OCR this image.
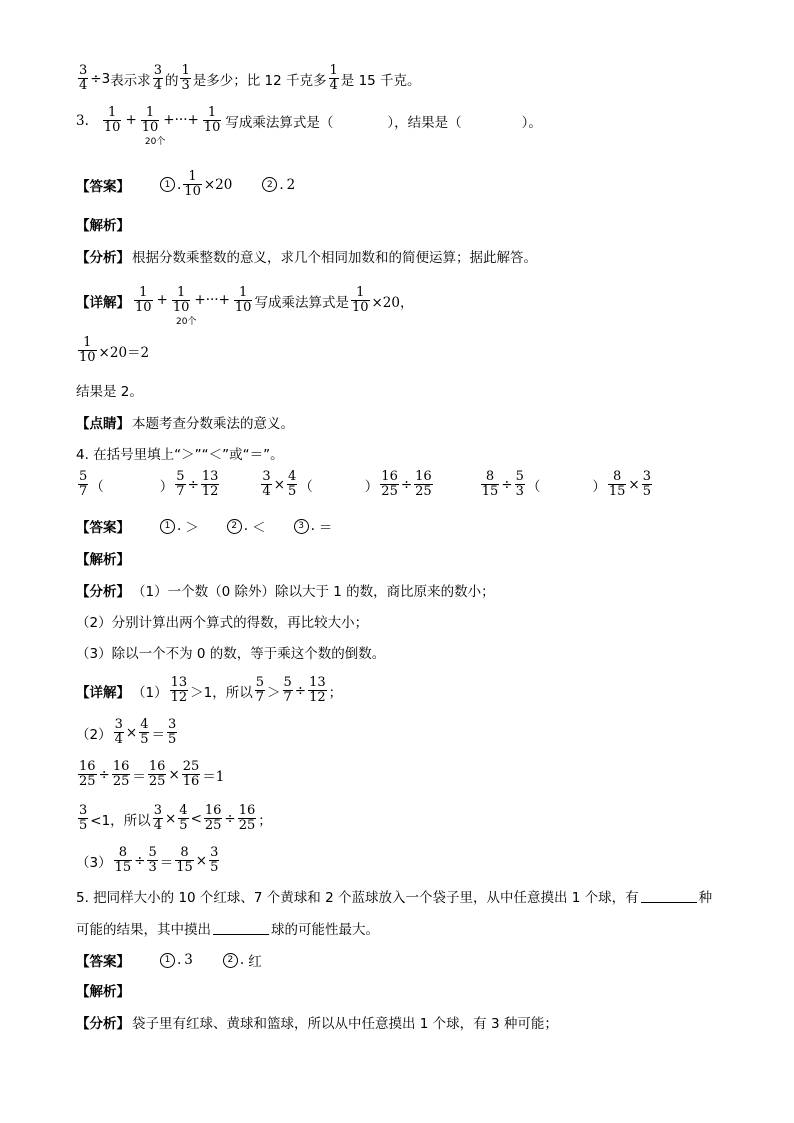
$\frac{3}{4} \div 3$ 表示求 $\frac{3}{4}$ 的 $\frac{1}{3}$ 是多少；比 12 千克多 $\frac{1}{4}$ 是 15 千克。
3. $\frac{1}{10} + \frac{1}{10}$ +···+ $\frac{1}{10}$
20个
写成乘法算式是（	），结果是（	）。
【答案】	1 . $\frac{1}{10} \times 20$	2 . 2
【解析】
【分析】 根据分数乘整数的意义，求几个相同加数和的简便运算；据此解答。
【详解】 $\frac{1}{10} + \frac{1}{10}$ +···+ $\frac{1}{10}$
20个
写成乘法算式是 $\frac{1}{10} \times 20$，
$\frac{1}{10} \times 20=2$
结果是 2。
【点睛】 本题考查分数乘法的意义。
4. 在括号里填上“＞”“＜”或“＝”。
$\frac{5}{7}$ （	） $\frac{5}{7} \div \frac{13}{12}$	$\frac{3}{4} \times \frac{4}{5}$ （	） $\frac{16}{25} \div \frac{16}{25}$	$\frac{8}{15} \div \frac{5}{3}$ （	） $\frac{8}{15} \times \frac{3}{5}$
【答案】	1 . ＞	2 . ＜	3 . ＝
【解析】
【分析】 （1）一个数（0 除外）除以大于 1 的数，商比原来的数小；
（2）分别计算出两个算式的得数，再比较大小；
（3）除以一个不为 0 的数，等于乘这个数的倒数。
【详解】 $(1) \frac{13}{12} >1$，所以 $\frac{5}{7} > \frac{5}{7} \div \frac{13}{12}$ ；
$(2) \frac{3}{4} \times \frac{4}{5} = \frac{3}{5}$
$\frac{16}{25} \div \frac{16}{25} = \frac{16}{25} \times \frac{25}{16} =1$
$\frac{3}{5} <1$，所以 $\frac{3}{4} \times \frac{4}{5} < \frac{16}{25} \div \frac{16}{25}$ ；
$(3) \frac{8}{15} \div \frac{5}{3} = \frac{8}{15} \times \frac{3}{5}$
5. 把同样大小的 10 个红球、7 个黄球和 2 个蓝球放入一个袋子里，从中任意摸出 1 个球，有	种
可能的结果，其中摸出	球的可能性最大。
【答案】	1 . 3	2 . 红
【解析】
【分析】 袋子里有红球、黄球和篮球，所以从中任意摸出 1 个球，有 3 种可能；
